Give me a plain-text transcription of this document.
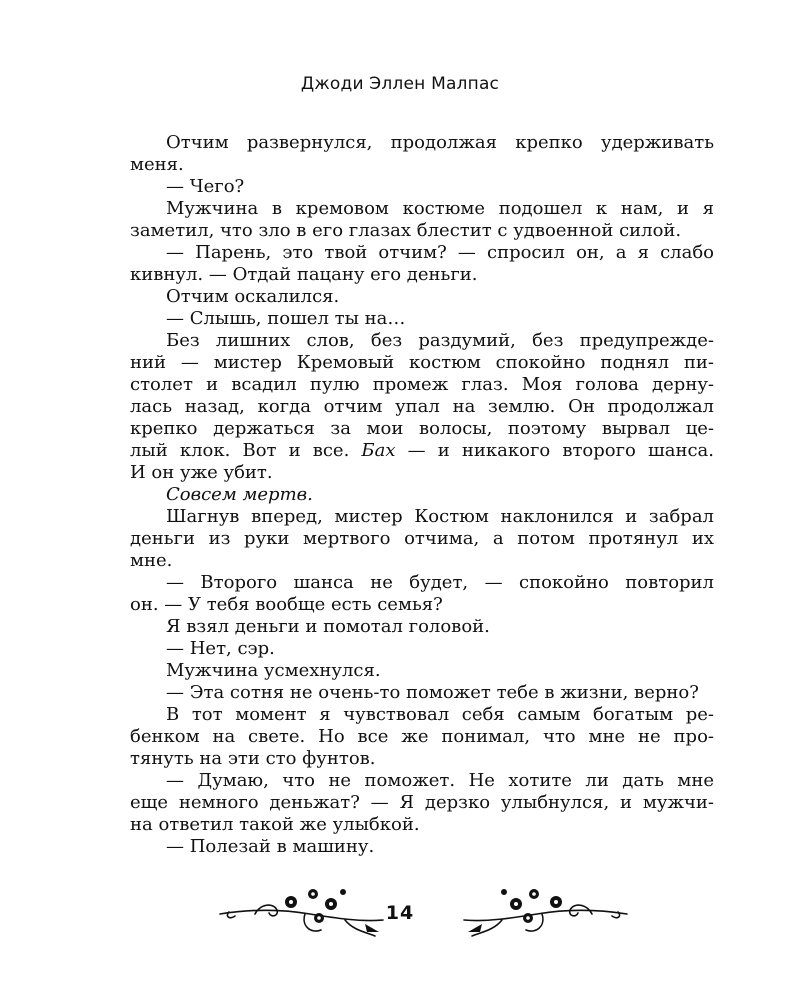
Джоди Эллен Малпас
Отчим развернулся, продолжая крепко удерживать
меня.
— Чего?
Мужчина в кремовом костюме подошел к нам, и я
заметил, что зло в его глазах блестит с удвоенной силой.
— Парень, это твой отчим? — спросил он, а я слабо
кивнул. — Отдай пацану его деньги.
Отчим оскалился.
— Слышь, пошел ты на…
Без лишних слов, без раздумий, без предупрежде-
ний — мистер Кремовый костюм спокойно поднял пи-
столет и всадил пулю промеж глаз. Моя голова дерну-
лась назад, когда отчим упал на землю. Он продолжал
крепко держаться за мои волосы, поэтому вырвал це-
лый клок. Вот и все. Бах — и никакого второго шанса.
И он уже убит.
Совсем мертв.
Шагнув вперед, мистер Костюм наклонился и забрал
деньги из руки мертвого отчима, а потом протянул их
мне.
— Второго шанса не будет, — спокойно повторил
он. — У тебя вообще есть семья?
Я взял деньги и помотал головой.
— Нет, сэр.
Мужчина усмехнулся.
— Эта сотня не очень-то поможет тебе в жизни, верно?
В тот момент я чувствовал себя самым богатым ре-
бенком на свете. Но все же понимал, что мне не про-
тянуть на эти сто фунтов.
— Думаю, что не поможет. Не хотите ли дать мне
еще немного деньжат? — Я дерзко улыбнулся, и мужчи-
на ответил такой же улыбкой.
— Полезай в машину.
14
